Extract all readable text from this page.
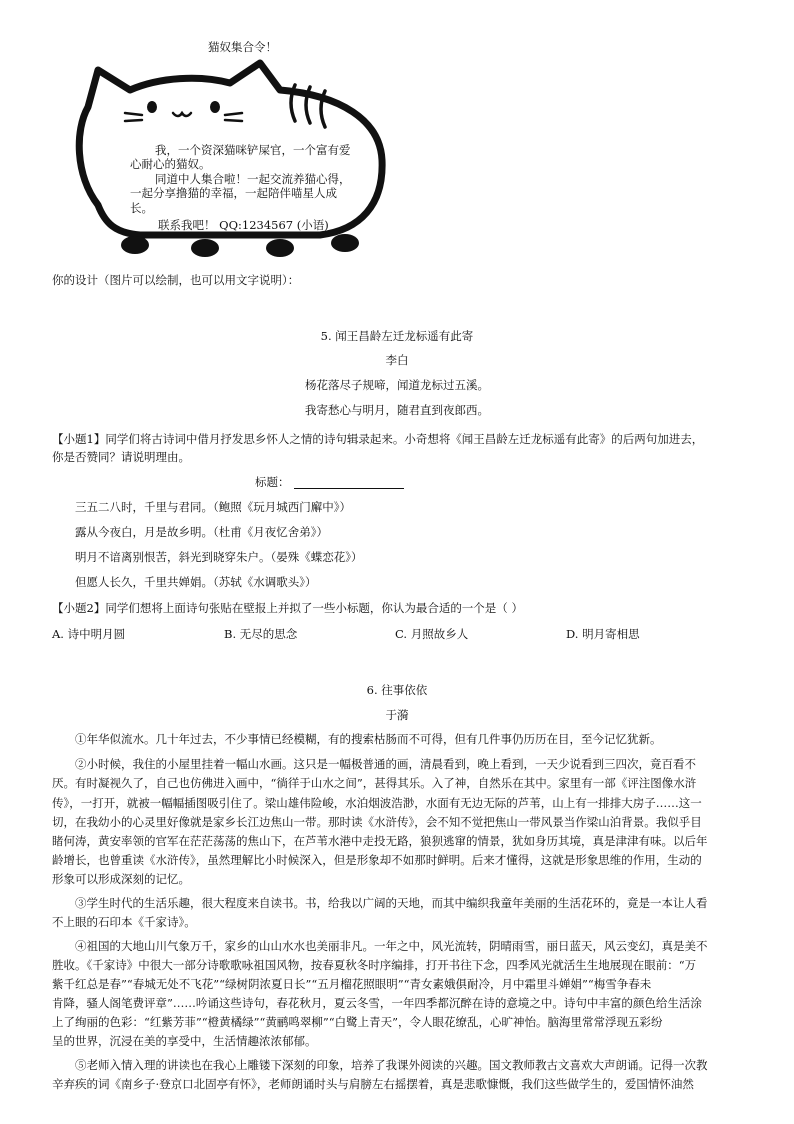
猫奴集合令！
我，一个资深猫咪铲屎官，一个富有爱
心耐心的猫奴。
同道中人集合啦！一起交流养猫心得，
一起分享撸猫的幸福，一起陪伴喵星人成
长。
联系我吧！ QQ:1234567 (小语)
你的设计（图片可以绘制，也可以用文字说明）：
5. 闻王昌龄左迁龙标遥有此寄
李白
杨花落尽子规啼，闻道龙标过五溪。
我寄愁心与明月，随君直到夜郎西。
【小题1】同学们将古诗词中借月抒发思乡怀人之情的诗句辑录起来。小奇想将《闻王昌龄左迁龙标遥有此寄》的后两句加进去，
你是否赞同？请说明理由。
标题：
三五二八时，千里与君同。（鲍照《玩月城西门廨中》）
露从今夜白，月是故乡明。（杜甫《月夜忆舍弟》）
明月不谙离别恨苦，斜光到晓穿朱户。（晏殊《蝶恋花》）
但愿人长久，千里共婵娟。（苏轼《水调歌头》）
【小题2】同学们想将上面诗句张贴在壁报上并拟了一些小标题，你认为最合适的一个是（ ）
A. 诗中明月圆	B. 无尽的思念	C. 月照故乡人	D. 明月寄相思
6. 往事依依
于漪
①年华似流水。几十年过去，不少事情已经模糊，有的搜索枯肠而不可得，但有几件事仍历历在目，至今记忆犹新。
②小时候，我住的小屋里挂着一幅山水画。这只是一幅极普通的画，清晨看到，晚上看到，一天少说看到三四次，竟百看不
厌。有时凝视久了，自己也仿佛进入画中，“徜徉于山水之间”，甚得其乐。入了神，自然乐在其中。家里有一部《评注图像水浒
传》，一打开，就被一幅幅插图吸引住了。梁山雄伟险峻，水泊烟波浩渺，水面有无边无际的芦苇，山上有一排排大房子……这一
切，在我幼小的心灵里好像就是家乡长江边焦山一带。那时读《水浒传》，会不知不觉把焦山一带风景当作梁山泊背景。我似乎目
睹何涛，黄安率领的官军在茫茫荡荡的焦山下，在芦苇水港中走投无路，狼狈逃窜的情景，犹如身历其境，真是津津有味。以后年
龄增长，也曾重读《水浒传》，虽然理解比小时候深入，但是形象却不如那时鲜明。后来才懂得，这就是形象思维的作用，生动的
形象可以形成深刻的记忆。
③学生时代的生活乐趣，很大程度来自读书。书，给我以广阔的天地，而其中编织我童年美丽的生活花环的，竟是一本让人看
不上眼的石印本《千家诗》。
④祖国的大地山川气象万千，家乡的山山水水也美丽非凡。一年之中，风光流转，阴晴雨雪，丽日蓝天，风云变幻，真是美不
胜收。《千家诗》中很大一部分诗歌歌咏祖国风物，按春夏秋冬时序编排，打开书往下念，四季风光就活生生地展现在眼前：“万
紫千红总是春”“春城无处不飞花”“绿树阴浓夏日长”“五月榴花照眼明”“青女素娥俱耐冷，月中霜里斗婵娟”“梅雪争春未
肯降，骚人阁笔费评章”……吟诵这些诗句，春花秋月，夏云冬雪，一年四季都沉醉在诗的意境之中。诗句中丰富的颜色给生活涂
上了绚丽的色彩：“红紫芳菲”“橙黄橘绿”“黄鹂鸣翠柳”“白鹭上青天”，令人眼花缭乱，心旷神怡。脑海里常常浮现五彩纷
呈的世界，沉浸在美的享受中，生活情趣浓浓郁郁。
⑤老师入情入理的讲读也在我心上雕镂下深刻的印象，培养了我课外阅读的兴趣。国文教师教古文喜欢大声朗诵。记得一次教
辛弃疾的词《南乡子·登京口北固亭有怀》，老师朗诵时头与肩膀左右摇摆着，真是悲歌慷慨，我们这些做学生的，爱国情怀油然
